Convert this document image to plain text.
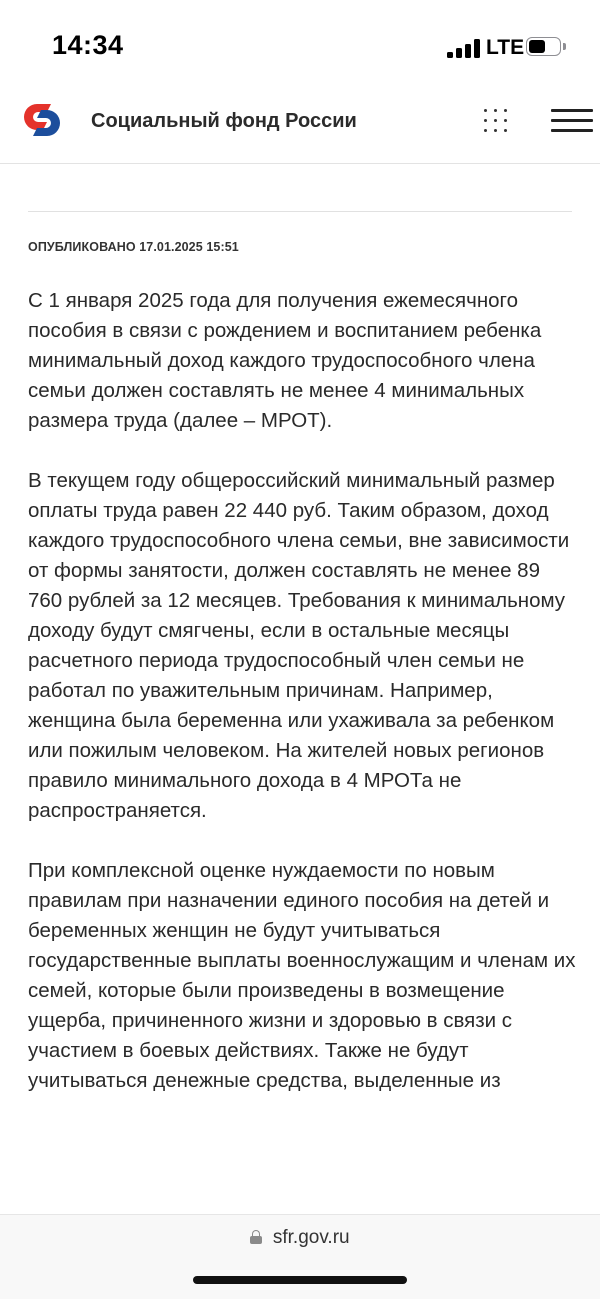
14:34	LTE
Социальный фонд России
ОПУБЛИКОВАНО 17.01.2025 15:51

С 1 января 2025 года для получения ежемесячного пособия в связи с рождением и воспитанием ребенка минимальный доход каждого трудоспособного члена семьи должен составлять не менее 4 минимальных размера труда (далее – МРОТ).

В текущем году общероссийский минимальный размер оплаты труда равен 22 440 руб. Таким образом, доход каждого трудоспособного члена семьи, вне зависимости от формы занятости, должен составлять не менее 89 760 рублей за 12 месяцев. Требования к минимальному доходу будут смягчены, если в остальные месяцы расчетного периода трудоспособный член семьи не работал по уважительным причинам. Например, женщина была беременна или ухаживала за ребенком или пожилым человеком. На жителей новых регионов правило минимального дохода в 4 МРОТа не распространяется.

При комплексной оценке нуждаемости по новым правилам при назначении единого пособия на детей и беременных женщин не будут учитываться государственные выплаты военнослужащим и членам их семей, которые были произведены в возмещение ущерба, причиненного жизни и здоровью в связи с участием в боевых действиях. Также не будут учитываться денежные средства, выделенные из

sfr.gov.ru
